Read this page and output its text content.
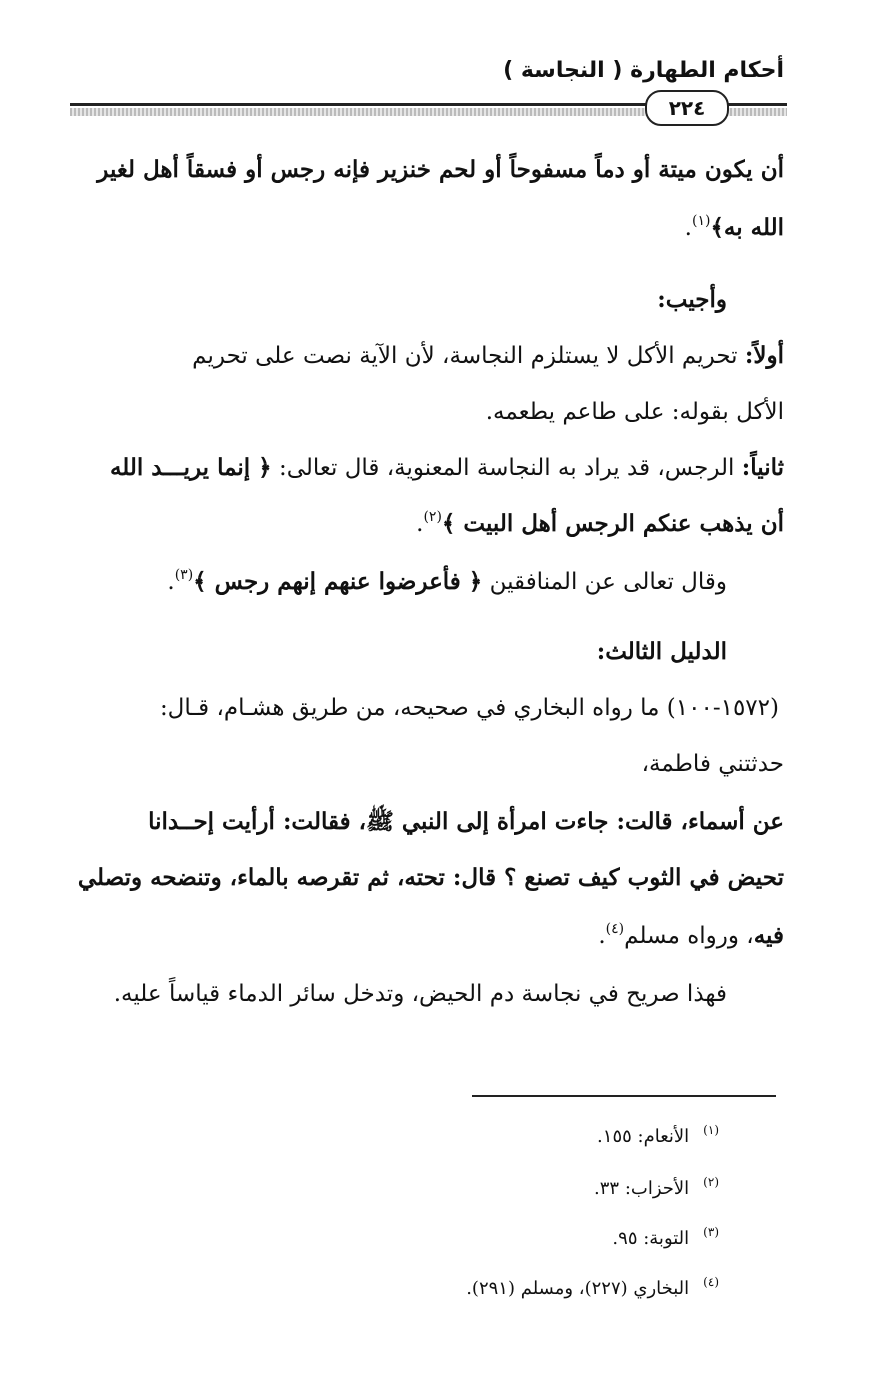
أحكام الطهارة ( النجاسة )
٢٢٤
أن يكون ميتة أو دماً مسفوحاً أو لحم خنزير فإنه رجس أو فسقاً أهل لغير
الله به﴾$^{(١)}$.
وأجيب:
أولاً: تحريم الأكل لا يستلزم النجاسة، لأن الآية نصت على تحريم
الأكل بقوله: على طاعم يطعمه.
ثانياً: الرجس، قد يراد به النجاسة المعنوية، قال تعالى: ﴿ إنما يريـــد الله
أن يذهب عنكم الرجس أهل البيت ﴾$^{(٢)}$.
وقال تعالى عن المنافقين ﴿ فأعرضوا عنهم إنهم رجس ﴾$^{(٣)}$.
الدليل الثالث:
(١٥٧٢-١٠٠) ما رواه البخاري في صحيحه، من طريق هشـام، قـال:
حدثتني فاطمة،
عن أسماء، قالت: جاءت امرأة إلى النبي ﷺ، فقالت: أرأيت إحــدانا
تحيض في الثوب كيف تصنع ؟ قال: تحته، ثم تقرصه بالماء، وتنضحه وتصلي
فيه، ورواه مسلم$^{(٤)}$.
فهذا صريح في نجاسة دم الحيض، وتدخل سائر الدماء قياساً عليه.
$^{(١)}$الأنعام: ١٥٥.
$^{(٢)}$الأحزاب: ٣٣.
$^{(٣)}$التوبة: ٩٥.
$^{(٤)}$البخاري (٢٢٧)، ومسلم (٢٩١).
